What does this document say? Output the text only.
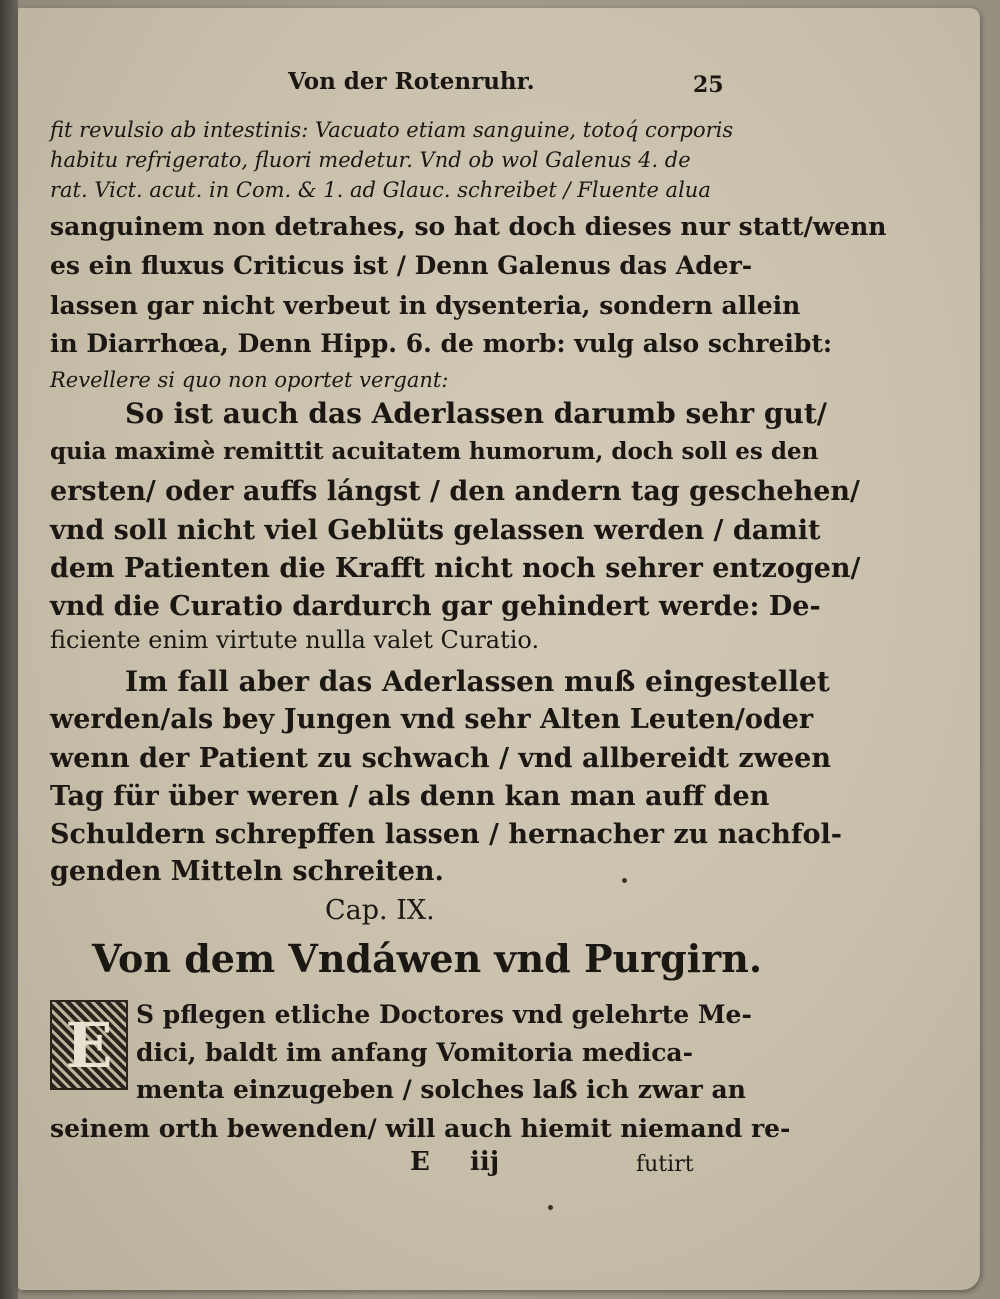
Von der Rotenruhr.	25
fit revulsio ab intestinis: Vacuato etiam sanguine, totoq́ corporis
habitu refrigerato, fluori medetur. Vnd ob wol Galenus 4. de
rat. Vict. acut. in Com. & 1. ad Glauc. schreibet / Fluente alua
sanguinem non detrahes, so hat doch dieses nur statt/wenn
es ein fluxus Criticus ist / Denn Galenus das Ader-
lassen gar nicht verbeut in dysenteria, sondern allein
in Diarrhœa, Denn Hipp. 6. de morb: vulg also schreibt:
Revellere si quo non oportet vergant:
So ist auch das Aderlassen darumb sehr gut/
quia maximè remittit acuitatem humorum, doch soll es den
ersten/ oder auffs lángst / den andern tag geschehen/
vnd soll nicht viel Geblüts gelassen werden / damit
dem Patienten die Krafft nicht noch sehrer entzogen/
vnd die Curatio dardurch gar gehindert werde: De-
ficiente enim virtute nulla valet Curatio.
Im fall aber das Aderlassen muß eingestellet
werden/als bey Jungen vnd sehr Alten Leuten/oder
wenn der Patient zu schwach / vnd allbereidt zween
Tag für über weren / als denn kan man auff den
Schuldern schrepffen lassen / hernacher zu nachfol-
genden Mitteln schreiten.
Cap. IX.
Von dem Vndáwen vnd Purgirn.
E S pflegen etliche Doctores vnd gelehrte Me-
dici, baldt im anfang Vomitoria medica-
menta einzugeben / solches laß ich zwar an
seinem orth bewenden/ will auch hiemit niemand re-
E iij	futirt
